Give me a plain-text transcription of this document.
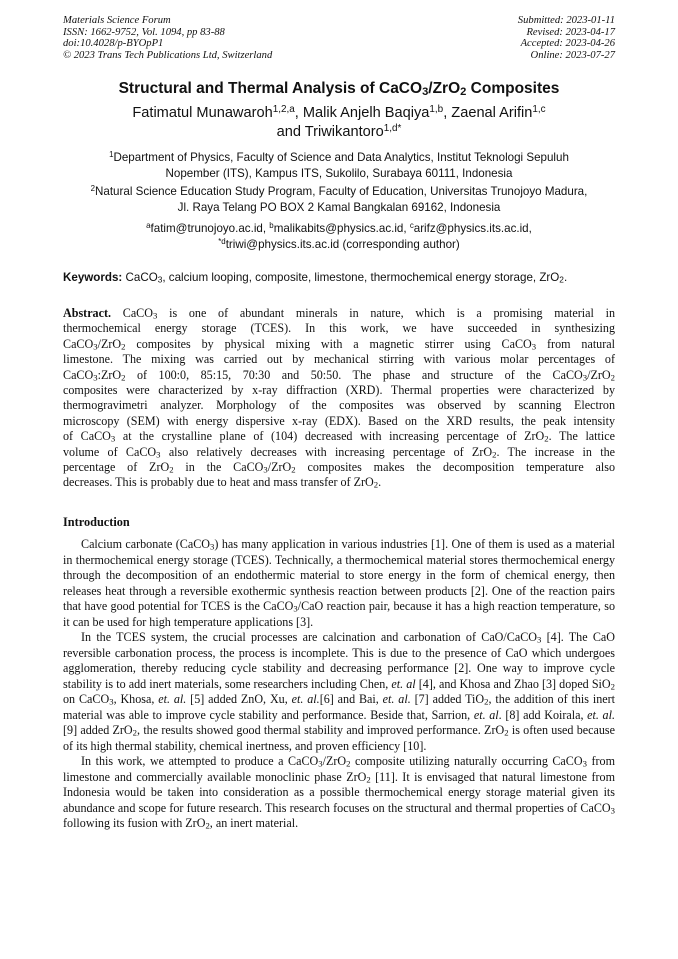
Materials Science Forum
ISSN: 1662-9752, Vol. 1094, pp 83-88
doi:10.4028/p-BYOpP1
© 2023 Trans Tech Publications Ltd, Switzerland
Submitted: 2023-01-11
Revised: 2023-04-17
Accepted: 2023-04-26
Online: 2023-07-27
Structural and Thermal Analysis of CaCO$_3$/ZrO$_2$ Composites
Fatimatul Munawaroh$^{1,2,a}$, Malik Anjelh Baqiya$^{1,b}$, Zaenal Arifin$^{1,c}$
and Triwikantoro$^{1,d*}$
$^1$Department of Physics, Faculty of Science and Data Analytics, Institut Teknologi Sepuluh
Nopember (ITS), Kampus ITS, Sukolilo, Surabaya 60111, Indonesia
$^2$Natural Science Education Study Program, Faculty of Education, Universitas Trunojoyo Madura,
Jl. Raya Telang PO BOX 2 Kamal Bangkalan 69162, Indonesia
$^a$fatim@trunojoyo.ac.id, $^b$malikabits@physics.ac.id, $^c$arifz@physics.its.ac.id,
$^{*d}$triwi@physics.its.ac.id (corresponding author)
Keywords: CaCO$_3$, calcium looping, composite, limestone, thermochemical energy storage, ZrO$_2$.
Abstract. CaCO$_3$ is one of abundant minerals in nature, which is a promising material in
thermochemical energy storage (TCES). In this work, we have succeeded in synthesizing
CaCO$_3$/ZrO$_2$ composites by physical mixing with a magnetic stirrer using CaCO$_3$ from natural
limestone. The mixing was carried out by mechanical stirring with various molar percentages of
CaCO$_3$:ZrO$_2$ of 100:0, 85:15, 70:30 and 50:50. The phase and structure of the CaCO$_3$/ZrO$_2$
composites were characterized by x-ray diffraction (XRD). Thermal properties were characterized by
thermogravimetri analyzer. Morphology of the composites was observed by scanning Electron
microscopy (SEM) with energy dispersive x-ray (EDX). Based on the XRD results, the peak intensity
of CaCO$_3$ at the crystalline plane of (104) decreased with increasing percentage of ZrO$_2$. The lattice
volume of CaCO$_3$ also relatively decreases with increasing percentage of ZrO$_2$. The increase in the
percentage of ZrO$_2$ in the CaCO$_3$/ZrO$_2$ composites makes the decomposition temperature also
decreases. This is probably due to heat and mass transfer of ZrO$_2$.
Introduction

Calcium carbonate (CaCO$_3$) has many application in various industries [1]. One of them is used as a material in thermochemical energy storage (TCES). Technically, a thermochemical material stores thermochemical energy through the decomposition of an endothermic material to store energy in the form of chemical energy, then releases heat through a reversible exothermic synthesis reaction between products [2]. One of the reaction pairs that have good potential for TCES is the CaCO$_3$/CaO reaction pair, because it has a high reaction temperature, so it can be used for high temperature applications [3].

In the TCES system, the crucial processes are calcination and carbonation of CaO/CaCO$_3$ [4]. The CaO reversible carbonation process, the process is incomplete. This is due to the presence of CaO which undergoes agglomeration, thereby reducing cycle stability and decreasing performance [2]. One way to improve cycle stability is to add inert materials, some researchers including Chen, et. al [4], and Khosa and Zhao [3] doped SiO$_2$ on CaCO$_3$, Khosa, et. al. [5] added ZnO, Xu, et. al.[6] and Bai, et. al. [7] added TiO$_2$, the addition of this inert material was able to improve cycle stability and performance. Beside that, Sarrion, et. al. [8] add Koirala, et. al. [9] added ZrO$_2$, the results showed good thermal stability and improved performance. ZrO$_2$ is often used because of its high thermal stability, chemical inertness, and proven efficiency [10].

In this work, we attempted to produce a CaCO$_3$/ZrO$_2$ composite utilizing naturally occurring CaCO$_3$ from limestone and commercially available monoclinic phase ZrO$_2$ [11]. It is envisaged that natural limestone from Indonesia would be taken into consideration as a possible thermochemical energy storage material given its abundance and scope for future research. This research focuses on the structural and thermal properties of CaCO$_3$ following its fusion with ZrO$_2$, an inert material.
